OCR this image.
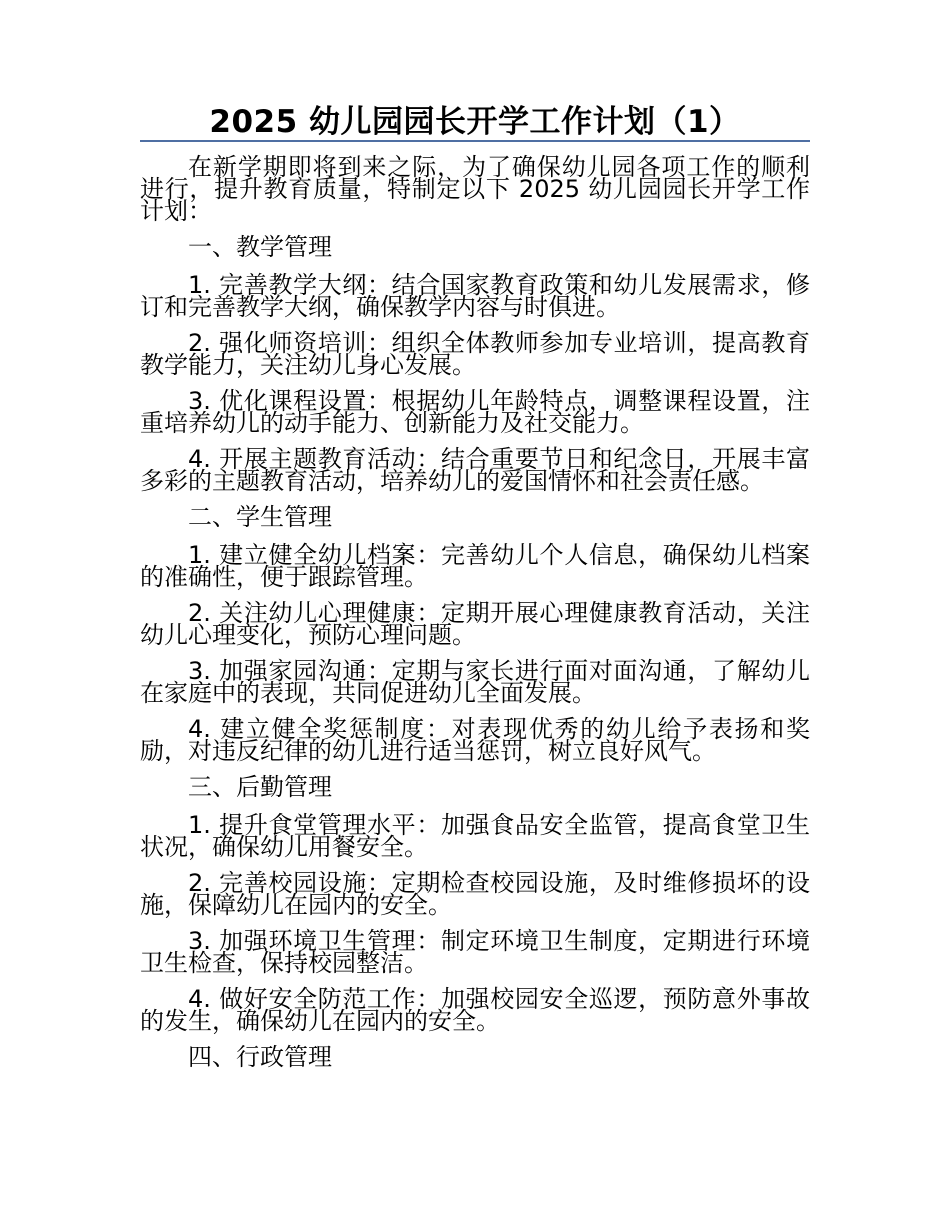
2025 幼儿园园长开学工作计划（1）

在新学期即将到来之际，为了确保幼儿园各项工作的顺利进行，提升教育质量，特制定以下 2025 幼儿园园长开学工作计划：

一、教学管理

1. 完善教学大纲：结合国家教育政策和幼儿发展需求，修订和完善教学大纲，确保教学内容与时俱进。

2. 强化师资培训：组织全体教师参加专业培训，提高教育教学能力，关注幼儿身心发展。

3. 优化课程设置：根据幼儿年龄特点，调整课程设置，注重培养幼儿的动手能力、创新能力及社交能力。

4. 开展主题教育活动：结合重要节日和纪念日，开展丰富多彩的主题教育活动，培养幼儿的爱国情怀和社会责任感。

二、学生管理

1. 建立健全幼儿档案：完善幼儿个人信息，确保幼儿档案的准确性，便于跟踪管理。

2. 关注幼儿心理健康：定期开展心理健康教育活动，关注幼儿心理变化，预防心理问题。

3. 加强家园沟通：定期与家长进行面对面沟通，了解幼儿在家庭中的表现，共同促进幼儿全面发展。

4. 建立健全奖惩制度：对表现优秀的幼儿给予表扬和奖励，对违反纪律的幼儿进行适当惩罚，树立良好风气。

三、后勤管理

1. 提升食堂管理水平：加强食品安全监管，提高食堂卫生状况，确保幼儿用餐安全。

2. 完善校园设施：定期检查校园设施，及时维修损坏的设施，保障幼儿在园内的安全。

3. 加强环境卫生管理：制定环境卫生制度，定期进行环境卫生检查，保持校园整洁。

4. 做好安全防范工作：加强校园安全巡逻，预防意外事故的发生，确保幼儿在园内的安全。

四、行政管理
